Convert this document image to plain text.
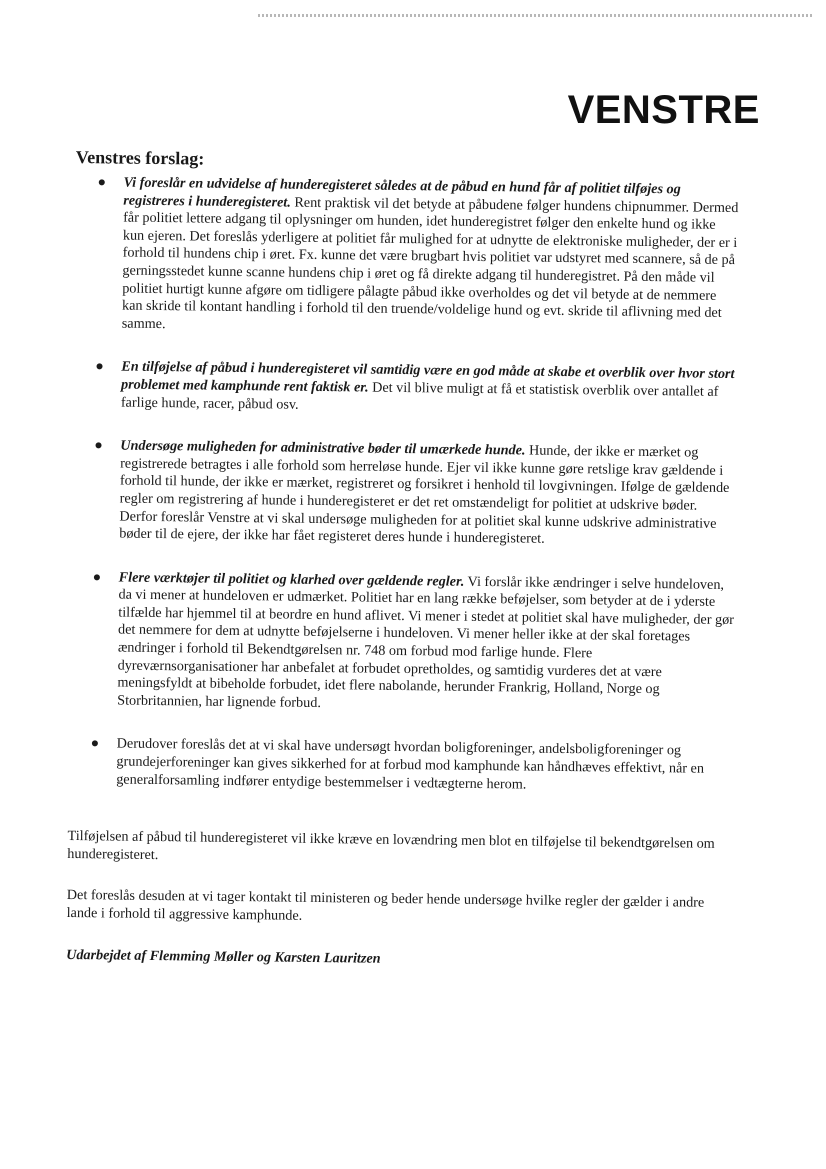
VENSTRE
Venstres forslag:
● Vi foreslår en udvidelse af hunderegisteret således at de påbud en hund får af politiet tilføjes og registreres i hunderegisteret. Rent praktisk vil det betyde at påbudene følger hundens chipnummer. Dermed får politiet lettere adgang til oplysninger om hunden, idet hunderegistret følger den enkelte hund og ikke kun ejeren. Det foreslås yderligere at politiet får mulighed for at udnytte de elektroniske muligheder, der er i forhold til hundens chip i øret. Fx. kunne det være brugbart hvis politiet var udstyret med scannere, så de på gerningsstedet kunne scanne hundens chip i øret og få direkte adgang til hunderegistret. På den måde vil politiet hurtigt kunne afgøre om tidligere pålagte påbud ikke overholdes og det vil betyde at de nemmere kan skride til kontant handling i forhold til den truende/voldelige hund og evt. skride til aflivning med det samme.
● En tilføjelse af påbud i hunderegisteret vil samtidig være en god måde at skabe et overblik over hvor stort problemet med kamphunde rent faktisk er. Det vil blive muligt at få et statistisk overblik over antallet af farlige hunde, racer, påbud osv.
● Undersøge muligheden for administrative bøder til umærkede hunde. Hunde, der ikke er mærket og registrerede betragtes i alle forhold som herreløse hunde. Ejer vil ikke kunne gøre retslige krav gældende i forhold til hunde, der ikke er mærket, registreret og forsikret i henhold til lovgivningen. Ifølge de gældende regler om registrering af hunde i hunderegisteret er det ret omstændeligt for politiet at udskrive bøder. Derfor foreslår Venstre at vi skal undersøge muligheden for at politiet skal kunne udskrive administrative bøder til de ejere, der ikke har fået registeret deres hunde i hunderegisteret.
● Flere værktøjer til politiet og klarhed over gældende regler. Vi forslår ikke ændringer i selve hundeloven, da vi mener at hundeloven er udmærket. Politiet har en lang række beføjelser, som betyder at de i yderste tilfælde har hjemmel til at beordre en hund aflivet. Vi mener i stedet at politiet skal have muligheder, der gør det nemmere for dem at udnytte beføjelserne i hundeloven. Vi mener heller ikke at der skal foretages ændringer i forhold til Bekendtgørelsen nr. 748 om forbud mod farlige hunde. Flere dyreværnsorganisationer har anbefalet at forbudet opretholdes, og samtidig vurderes det at være meningsfyldt at bibeholde forbudet, idet flere nabolande, herunder Frankrig, Holland, Norge og Storbritannien, har lignende forbud.
● Derudover foreslås det at vi skal have undersøgt hvordan boligforeninger, andelsboligforeninger og grundejerforeninger kan gives sikkerhed for at forbud mod kamphunde kan håndhæves effektivt, når en generalforsamling indfører entydige bestemmelser i vedtægterne herom.

Tilføjelsen af påbud til hunderegisteret vil ikke kræve en lovændring men blot en tilføjelse til bekendtgørelsen om hunderegisteret.

Det foreslås desuden at vi tager kontakt til ministeren og beder hende undersøge hvilke regler der gælder i andre lande i forhold til aggressive kamphunde.

Udarbejdet af Flemming Møller og Karsten Lauritzen
